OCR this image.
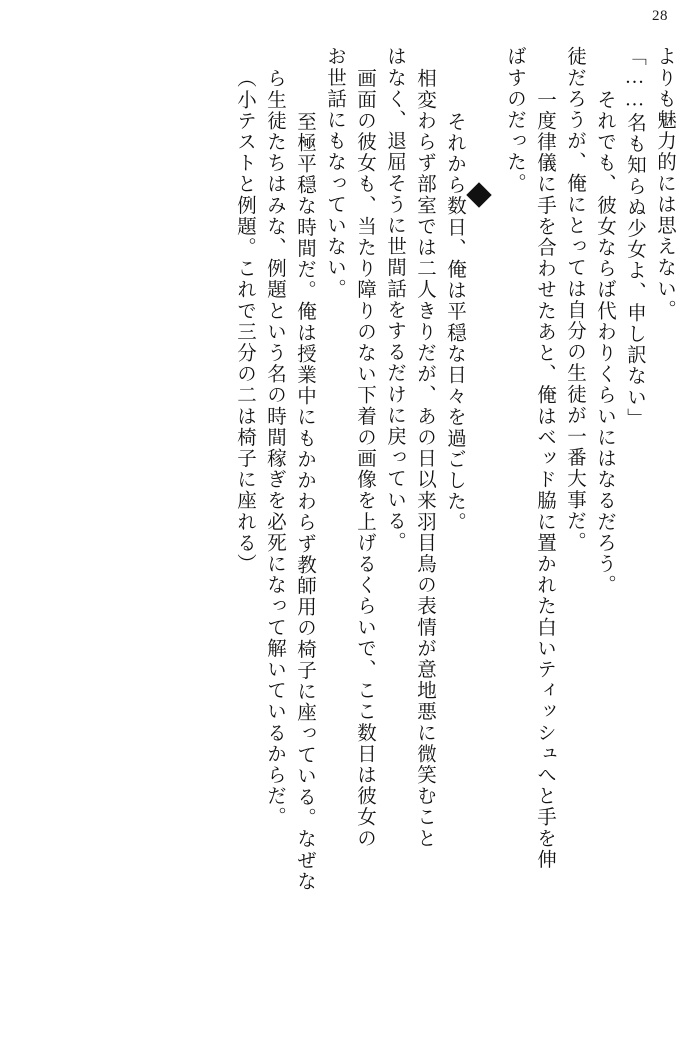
28
よりも魅力的には思えない。
「……名も知らぬ少女よ、申し訳ない」
　それでも、彼女ならば代わりくらいにはなるだろう。
徒だろうが、俺にとっては自分の生徒が一番大事だ。
　一度律儀に手を合わせたあと、俺はベッド脇に置かれた白いティッシュへと手を伸
ばすのだった。
　それから数日、俺は平穏な日々を過ごした。
相変わらず部室では二人きりだが、あの日以来羽目鳥の表情が意地悪に微笑むこと
はなく、退屈そうに世間話をするだけに戻っている。
画面の彼女も、当たり障りのない下着の画像を上げるくらいで、ここ数日は彼女の
お世話にもなっていない。
　至極平穏な時間だ。俺は授業中にもかかわらず教師用の椅子に座っている。なぜな
ら生徒たちはみな、例題という名の時間稼ぎを必死になって解いているからだ。
（小テストと例題。これで三分の二は椅子に座れる）
